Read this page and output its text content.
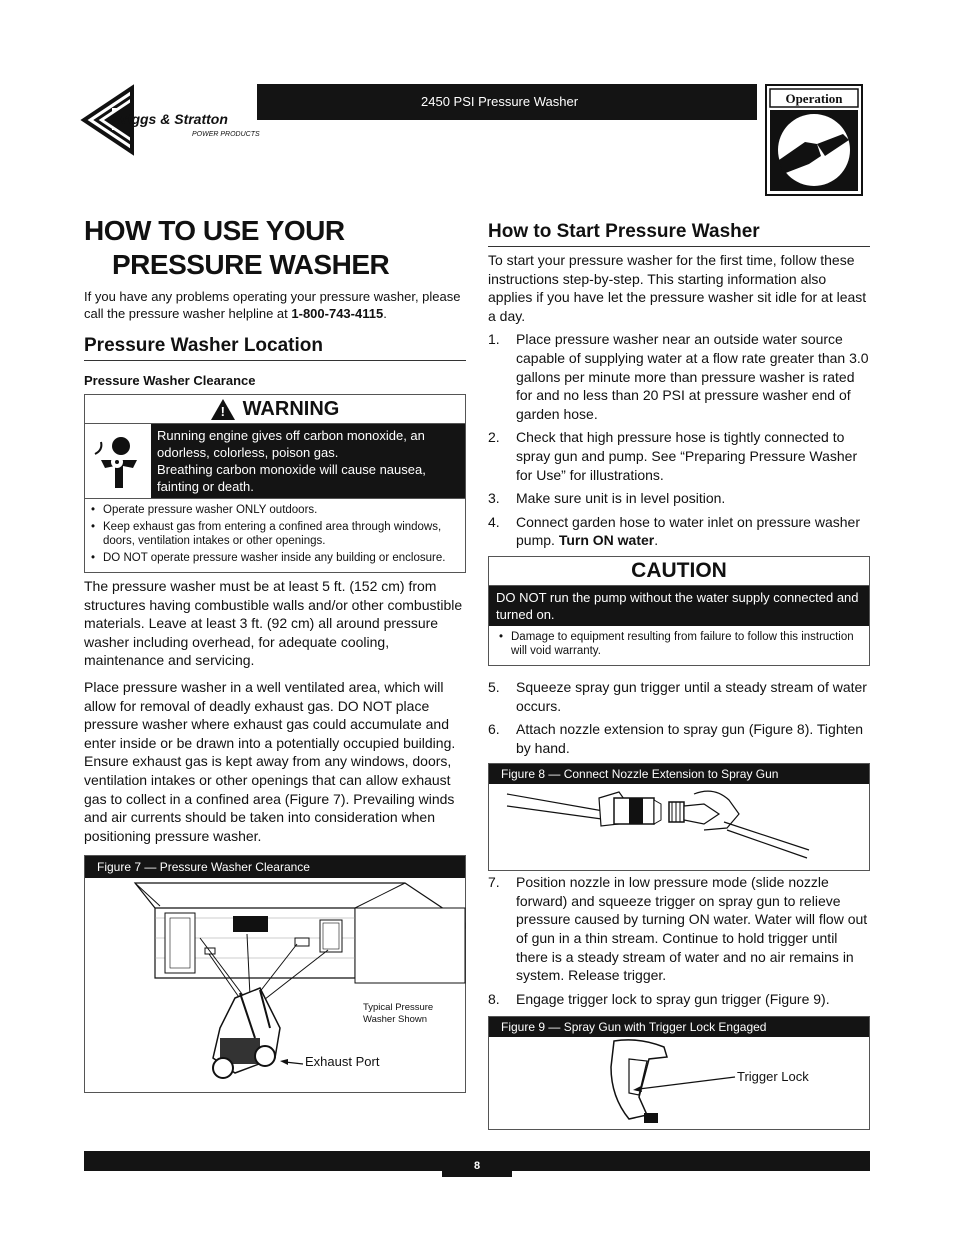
Briggs & Stratton
POWER PRODUCTS
2450 PSI Pressure Washer	Operation
HOW TO USE YOUR
PRESSURE WASHER

If you have any problems operating your pressure washer, please call the pressure washer helpline at 1-800-743-4115.

Pressure Washer Location
Pressure Washer Clearance
! WARNING
Running engine gives off carbon monoxide, an odorless, colorless, poison gas.
Breathing carbon monoxide will cause nausea, fainting or death.
• Operate pressure washer ONLY outdoors.
• Keep exhaust gas from entering a confined area through windows, doors, ventilation intakes or other openings.
• DO NOT operate pressure washer inside any building or enclosure.

The pressure washer must be at least 5 ft. (152 cm) from structures having combustible walls and/or other combustible materials. Leave at least 3 ft. (92 cm) all around pressure washer including overhead, for adequate cooling, maintenance and servicing.

Place pressure washer in a well ventilated area, which will allow for removal of deadly exhaust gas. DO NOT place pressure washer where exhaust gas could accumulate and enter inside or be drawn into a potentially occupied building. Ensure exhaust gas is kept away from any windows, doors, ventilation intakes or other openings that can allow exhaust gas to collect in a confined area (Figure 7). Prevailing winds and air currents should be taken into consideration when positioning pressure washer.

Figure 7 — Pressure Washer Clearance
Typical Pressure
Washer Shown
Exhaust Port
How to Start Pressure Washer

To start your pressure washer for the first time, follow these instructions step-by-step. This starting information also applies if you have let the pressure washer sit idle for at least a day.

1. Place pressure washer near an outside water source capable of supplying water at a flow rate greater than 3.0 gallons per minute more than pressure washer is rated for and no less than 20 PSI at pressure washer end of garden hose.
2. Check that high pressure hose is tightly connected to spray gun and pump. See “Preparing Pressure Washer for Use” for illustrations.
3. Make sure unit is in level position.
4. Connect garden hose to water inlet on pressure washer pump. Turn ON water.
CAUTION
DO NOT run the pump without the water supply connected and turned on.
• Damage to equipment resulting from failure to follow this instruction will void warranty.
5. Squeeze spray gun trigger until a steady stream of water occurs.
6. Attach nozzle extension to spray gun (Figure 8). Tighten by hand.
Figure 8 — Connect Nozzle Extension to Spray Gun
7. Position nozzle in low pressure mode (slide nozzle forward) and squeeze trigger on spray gun to relieve pressure caused by turning ON water. Water will flow out of gun in a thin stream. Continue to hold trigger until there is a steady stream of water and no air remains in system. Release trigger.
8. Engage trigger lock to spray gun trigger (Figure 9).
Figure 9 — Spray Gun with Trigger Lock Engaged
Trigger Lock
8
